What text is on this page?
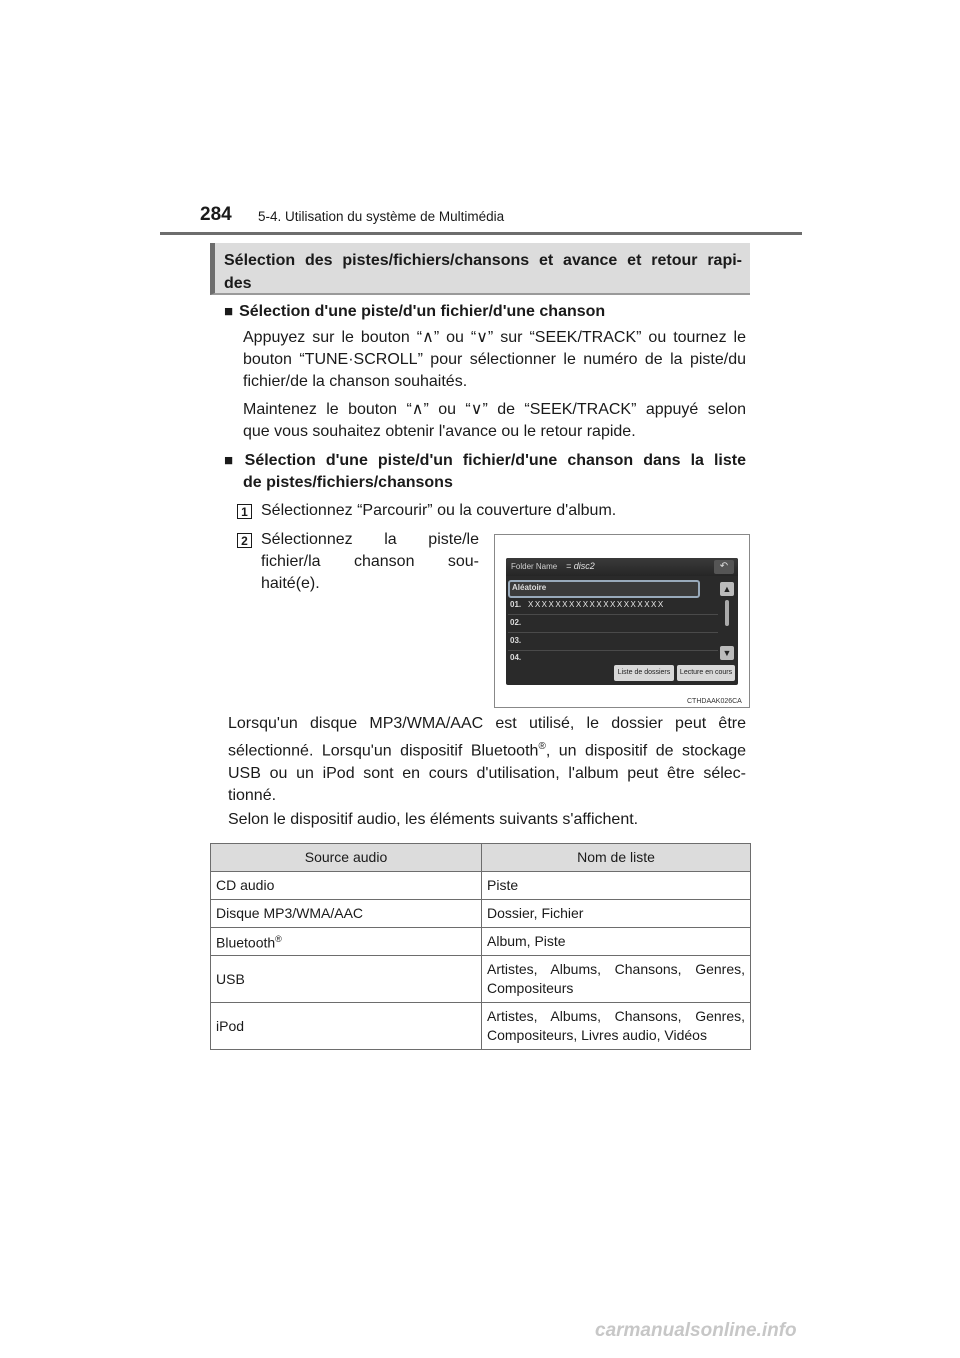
284 5-4. Utilisation du système de Multimédia
Sélection des pistes/fichiers/chansons et avance et retour rapi-
des
■ Sélection d'une piste/d'un fichier/d'une chanson
Appuyez sur le bouton “∧” ou “∨” sur “SEEK/TRACK” ou tournez le
bouton “TUNE·SCROLL” pour sélectionner le numéro de la piste/du
fichier/de la chanson souhaités.
Maintenez le bouton “∧” ou “∨” de “SEEK/TRACK” appuyé selon
que vous souhaitez obtenir l'avance ou le retour rapide.
■ Sélection d'une piste/d'un fichier/d'une chanson dans la liste
de pistes/fichiers/chansons
1 Sélectionnez “Parcourir” ou la couverture d'album.
2 Sélectionnez la piste/le
fichier/la chanson sou-
haité(e).
Folder Name = disc2	↶
Aléatoire
01. XXXXXXXXXXXXXXXXXXXX
02.
03.
04.
▲
▼
Liste de dossiers	Lecture en cours
CTHDAAK026CA
Lorsqu'un disque MP3/WMA/AAC est utilisé, le dossier peut être
sélectionné. Lorsqu'un dispositif Bluetooth®, un dispositif de stockage
USB ou un iPod sont en cours d'utilisation, l'album peut être sélec-
tionné.
Selon le dispositif audio, les éléments suivants s'affichent.
Source audio	Nom de liste
CD audio	Piste
Disque MP3/WMA/AAC	Dossier, Fichier
Bluetooth®	Album, Piste
USB	Artistes, Albums, Chansons, Genres,
Compositeurs

iPod	Artistes, Albums, Chansons, Genres,
Compositeurs, Livres audio, Vidéos
carmanualsonline.info
